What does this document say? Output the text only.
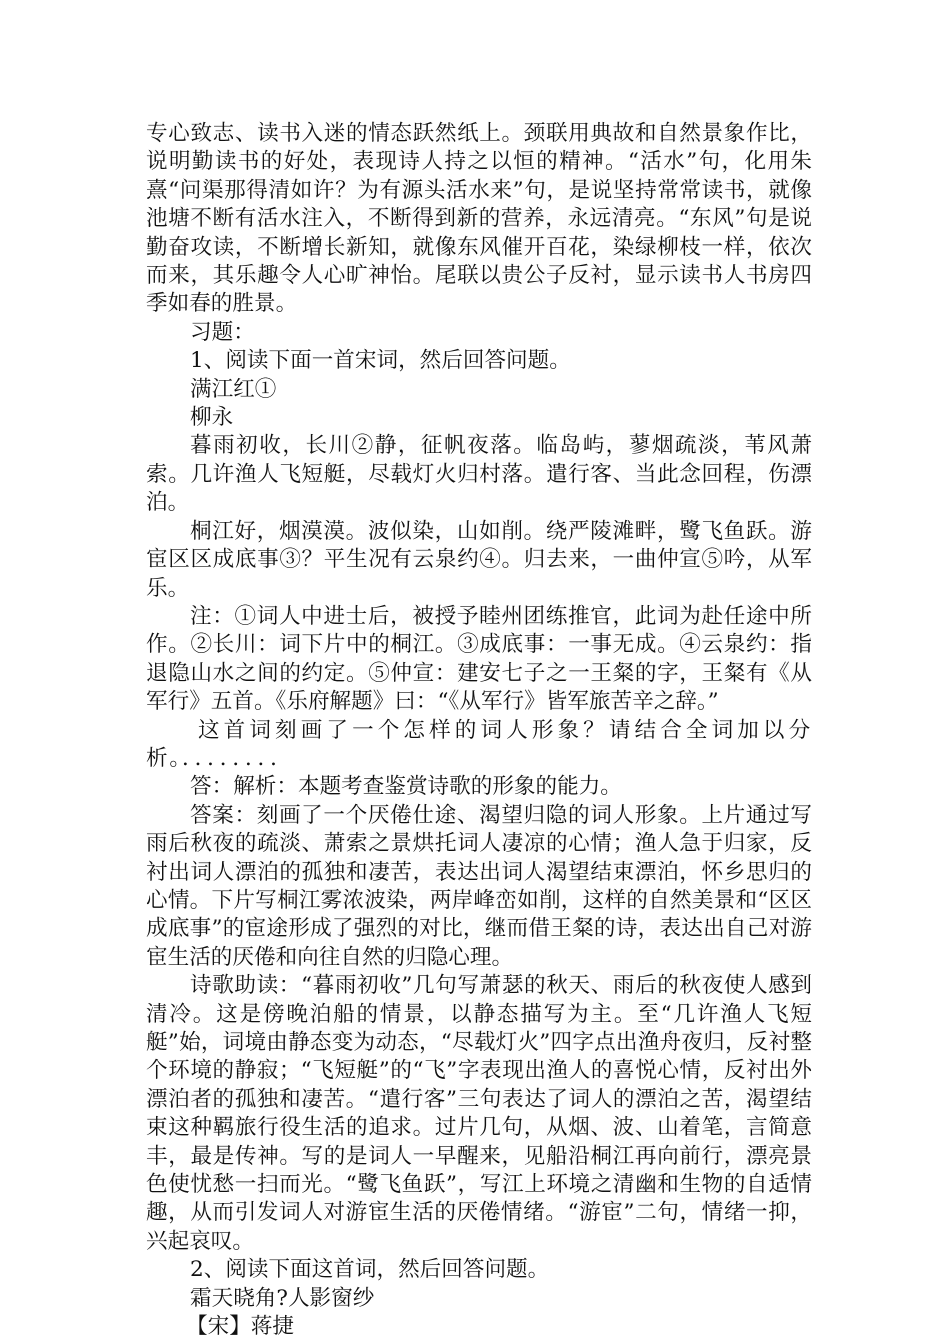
专心致志、读书入迷的情态跃然纸上。颈联用典故和自然景象作比，说明勤读书的好处，表现诗人持之以恒的精神。“活水”句，化用朱熹“问渠那得清如许？为有源头活水来”句，是说坚持常常读书，就像池塘不断有活水注入，不断得到新的营养，永远清亮。“东风”句是说勤奋攻读，不断增长新知，就像东风催开百花，染绿柳枝一样，依次而来，其乐趣令人心旷神怡。尾联以贵公子反衬，显示读书人书房四季如春的胜景。

习题：

1、阅读下面一首宋词，然后回答问题。

满江红①

柳永

暮雨初收，长川②静，征帆夜落。临岛屿，蓼烟疏淡，苇风萧索。几许渔人飞短艇，尽载灯火归村落。遣行客、当此念回程，伤漂泊。

桐江好，烟漠漠。波似染，山如削。绕严陵滩畔，鹭飞鱼跃。游宦区区成底事③？平生况有云泉约④。归去来，一曲仲宣⑤吟，从军乐。

注：①词人中进士后，被授予睦州团练推官，此词为赴任途中所作。②长川：词下片中的桐江。③成底事：一事无成。④云泉约：指退隐山水之间的约定。⑤仲宣：建安七子之一王粲的字，王粲有《从军行》五首。《乐府解题》曰：“《从军行》皆军旅苦辛之辞。”

这首词刻画了一个怎样的词人形象？请结合全词加以分析。．．．．．．．．

答：解析：本题考查鉴赏诗歌的形象的能力。

答案：刻画了一个厌倦仕途、渴望归隐的词人形象。上片通过写雨后秋夜的疏淡、萧索之景烘托词人凄凉的心情；渔人急于归家，反衬出词人漂泊的孤独和凄苦，表达出词人渴望结束漂泊，怀乡思归的心情。下片写桐江雾浓波染，两岸峰峦如削，这样的自然美景和“区区成底事”的宦途形成了强烈的对比，继而借王粲的诗，表达出自己对游宦生活的厌倦和向往自然的归隐心理。

诗歌助读：“暮雨初收”几句写萧瑟的秋天、雨后的秋夜使人感到清冷。这是傍晚泊船的情景，以静态描写为主。至“几许渔人飞短艇”始，词境由静态变为动态，“尽载灯火”四字点出渔舟夜归，反衬整个环境的静寂；“飞短艇”的“飞”字表现出渔人的喜悦心情，反衬出外漂泊者的孤独和凄苦。“遣行客”三句表达了词人的漂泊之苦，渴望结束这种羁旅行役生活的追求。过片几句，从烟、波、山着笔，言简意丰，最是传神。写的是词人一早醒来，见船沿桐江再向前行，漂亮景色使忧愁一扫而光。“鹭飞鱼跃”，写江上环境之清幽和生物的自适情趣，从而引发词人对游宦生活的厌倦情绪。“游宦”二句，情绪一抑，兴起哀叹。

2、阅读下面这首词，然后回答问题。

霜天晓角?人影窗纱

【宋】蒋捷
